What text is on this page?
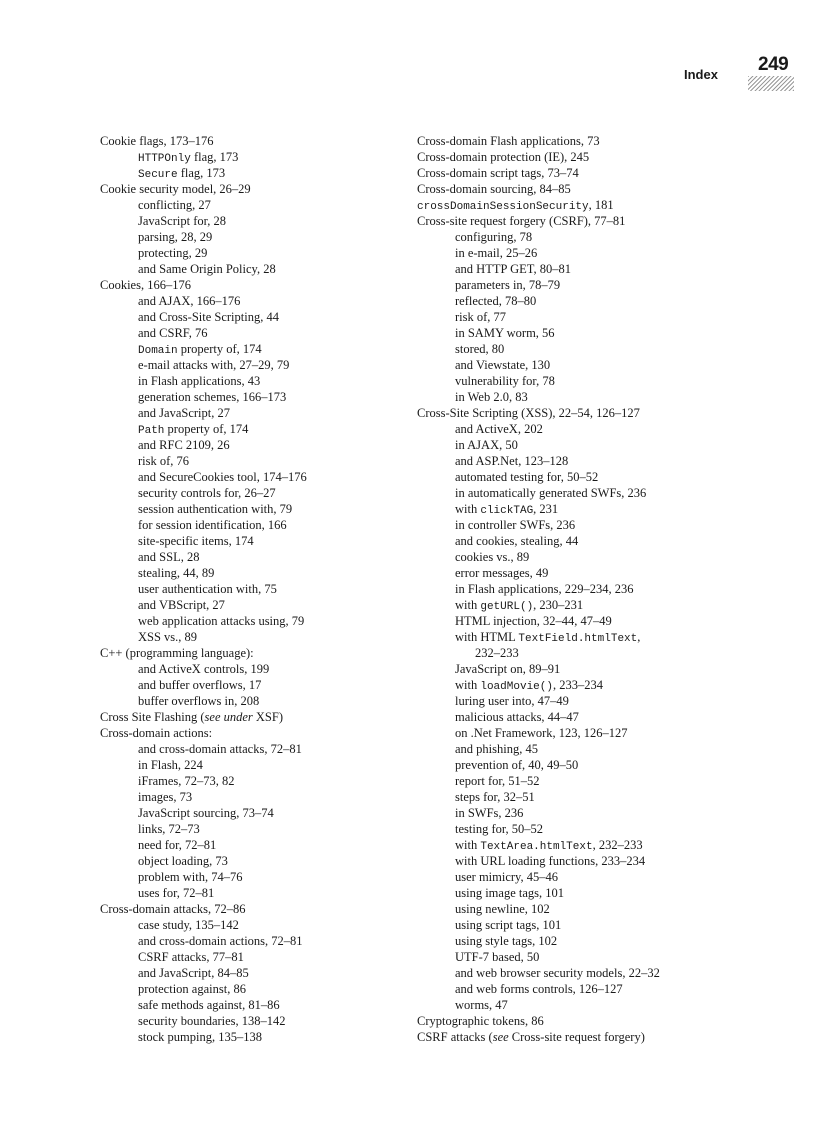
Index 249
Cookie flags, 173–176
HTTPOnly flag, 173
Secure flag, 173
Cookie security model, 26–29
conflicting, 27
JavaScript for, 28
parsing, 28, 29
protecting, 29
and Same Origin Policy, 28
Cookies, 166–176
and AJAX, 166–176
and Cross-Site Scripting, 44
and CSRF, 76
Domain property of, 174
e-mail attacks with, 27–29, 79
in Flash applications, 43
generation schemes, 166–173
and JavaScript, 27
Path property of, 174
and RFC 2109, 26
risk of, 76
and SecureCookies tool, 174–176
security controls for, 26–27
session authentication with, 79
for session identification, 166
site-specific items, 174
and SSL, 28
stealing, 44, 89
user authentication with, 75
and VBScript, 27
web application attacks using, 79
XSS vs., 89
C++ (programming language):
and ActiveX controls, 199
and buffer overflows, 17
buffer overflows in, 208
Cross Site Flashing (see under XSF)
Cross-domain actions:
and cross-domain attacks, 72–81
in Flash, 224
iFrames, 72–73, 82
images, 73
JavaScript sourcing, 73–74
links, 72–73
need for, 72–81
object loading, 73
problem with, 74–76
uses for, 72–81
Cross-domain attacks, 72–86
case study, 135–142
and cross-domain actions, 72–81
CSRF attacks, 77–81
and JavaScript, 84–85
protection against, 86
safe methods against, 81–86
security boundaries, 138–142
stock pumping, 135–138
Cross-domain Flash applications, 73
Cross-domain protection (IE), 245
Cross-domain script tags, 73–74
Cross-domain sourcing, 84–85
crossDomainSessionSecurity, 181
Cross-site request forgery (CSRF), 77–81
configuring, 78
in e-mail, 25–26
and HTTP GET, 80–81
parameters in, 78–79
reflected, 78–80
risk of, 77
in SAMY worm, 56
stored, 80
and Viewstate, 130
vulnerability for, 78
in Web 2.0, 83
Cross-Site Scripting (XSS), 22–54, 126–127
and ActiveX, 202
in AJAX, 50
and ASP.Net, 123–128
automated testing for, 50–52
in automatically generated SWFs, 236
with clickTAG, 231
in controller SWFs, 236
and cookies, stealing, 44
cookies vs., 89
error messages, 49
in Flash applications, 229–234, 236
with getURL(), 230–231
HTML injection, 32–44, 47–49
with HTML TextField.htmlText,
232–233
JavaScript on, 89–91
with loadMovie(), 233–234
luring user into, 47–49
malicious attacks, 44–47
on .Net Framework, 123, 126–127
and phishing, 45
prevention of, 40, 49–50
report for, 51–52
steps for, 32–51
in SWFs, 236
testing for, 50–52
with TextArea.htmlText, 232–233
with URL loading functions, 233–234
user mimicry, 45–46
using image tags, 101
using newline, 102
using script tags, 101
using style tags, 102
UTF-7 based, 50
and web browser security models, 22–32
and web forms controls, 126–127
worms, 47
Cryptographic tokens, 86
CSRF attacks (see Cross-site request forgery)
